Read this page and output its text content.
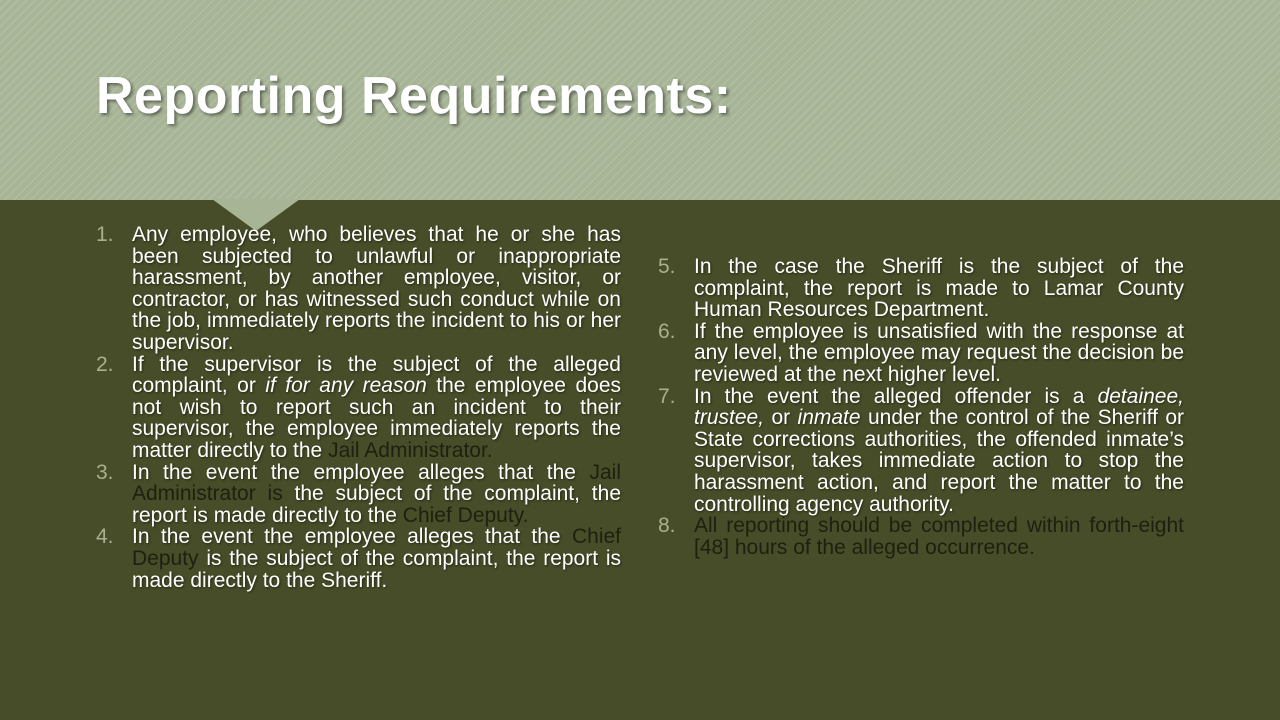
Reporting Requirements:
1. Any employee, who believes that he or she has been subjected to unlawful or inappropriate harassment, by another employee, visitor, or contractor, or has witnessed such conduct while on the job, immediately reports the incident to his or her supervisor.
2. If the supervisor is the subject of the alleged complaint, or if for any reason the employee does not wish to report such an incident to their supervisor, the employee immediately reports the matter directly to the Jail Administrator.
3. In the event the employee alleges that the Jail Administrator is the subject of the complaint, the report is made directly to the Chief Deputy.
4. In the event the employee alleges that the Chief Deputy is the subject of the complaint, the report is made directly to the Sheriff.
5. In the case the Sheriff is the subject of the complaint, the report is made to Lamar County Human Resources Department.
6. If the employee is unsatisfied with the response at any level, the employee may request the decision be reviewed at the next higher level.
7. In the event the alleged offender is a detainee, trustee, or inmate under the control of the Sheriff or State corrections authorities, the offended inmate’s supervisor, takes immediate action to stop the harassment action, and report the matter to the controlling agency authority.
8. All reporting should be completed within forth-eight [48] hours of the alleged occurrence.
